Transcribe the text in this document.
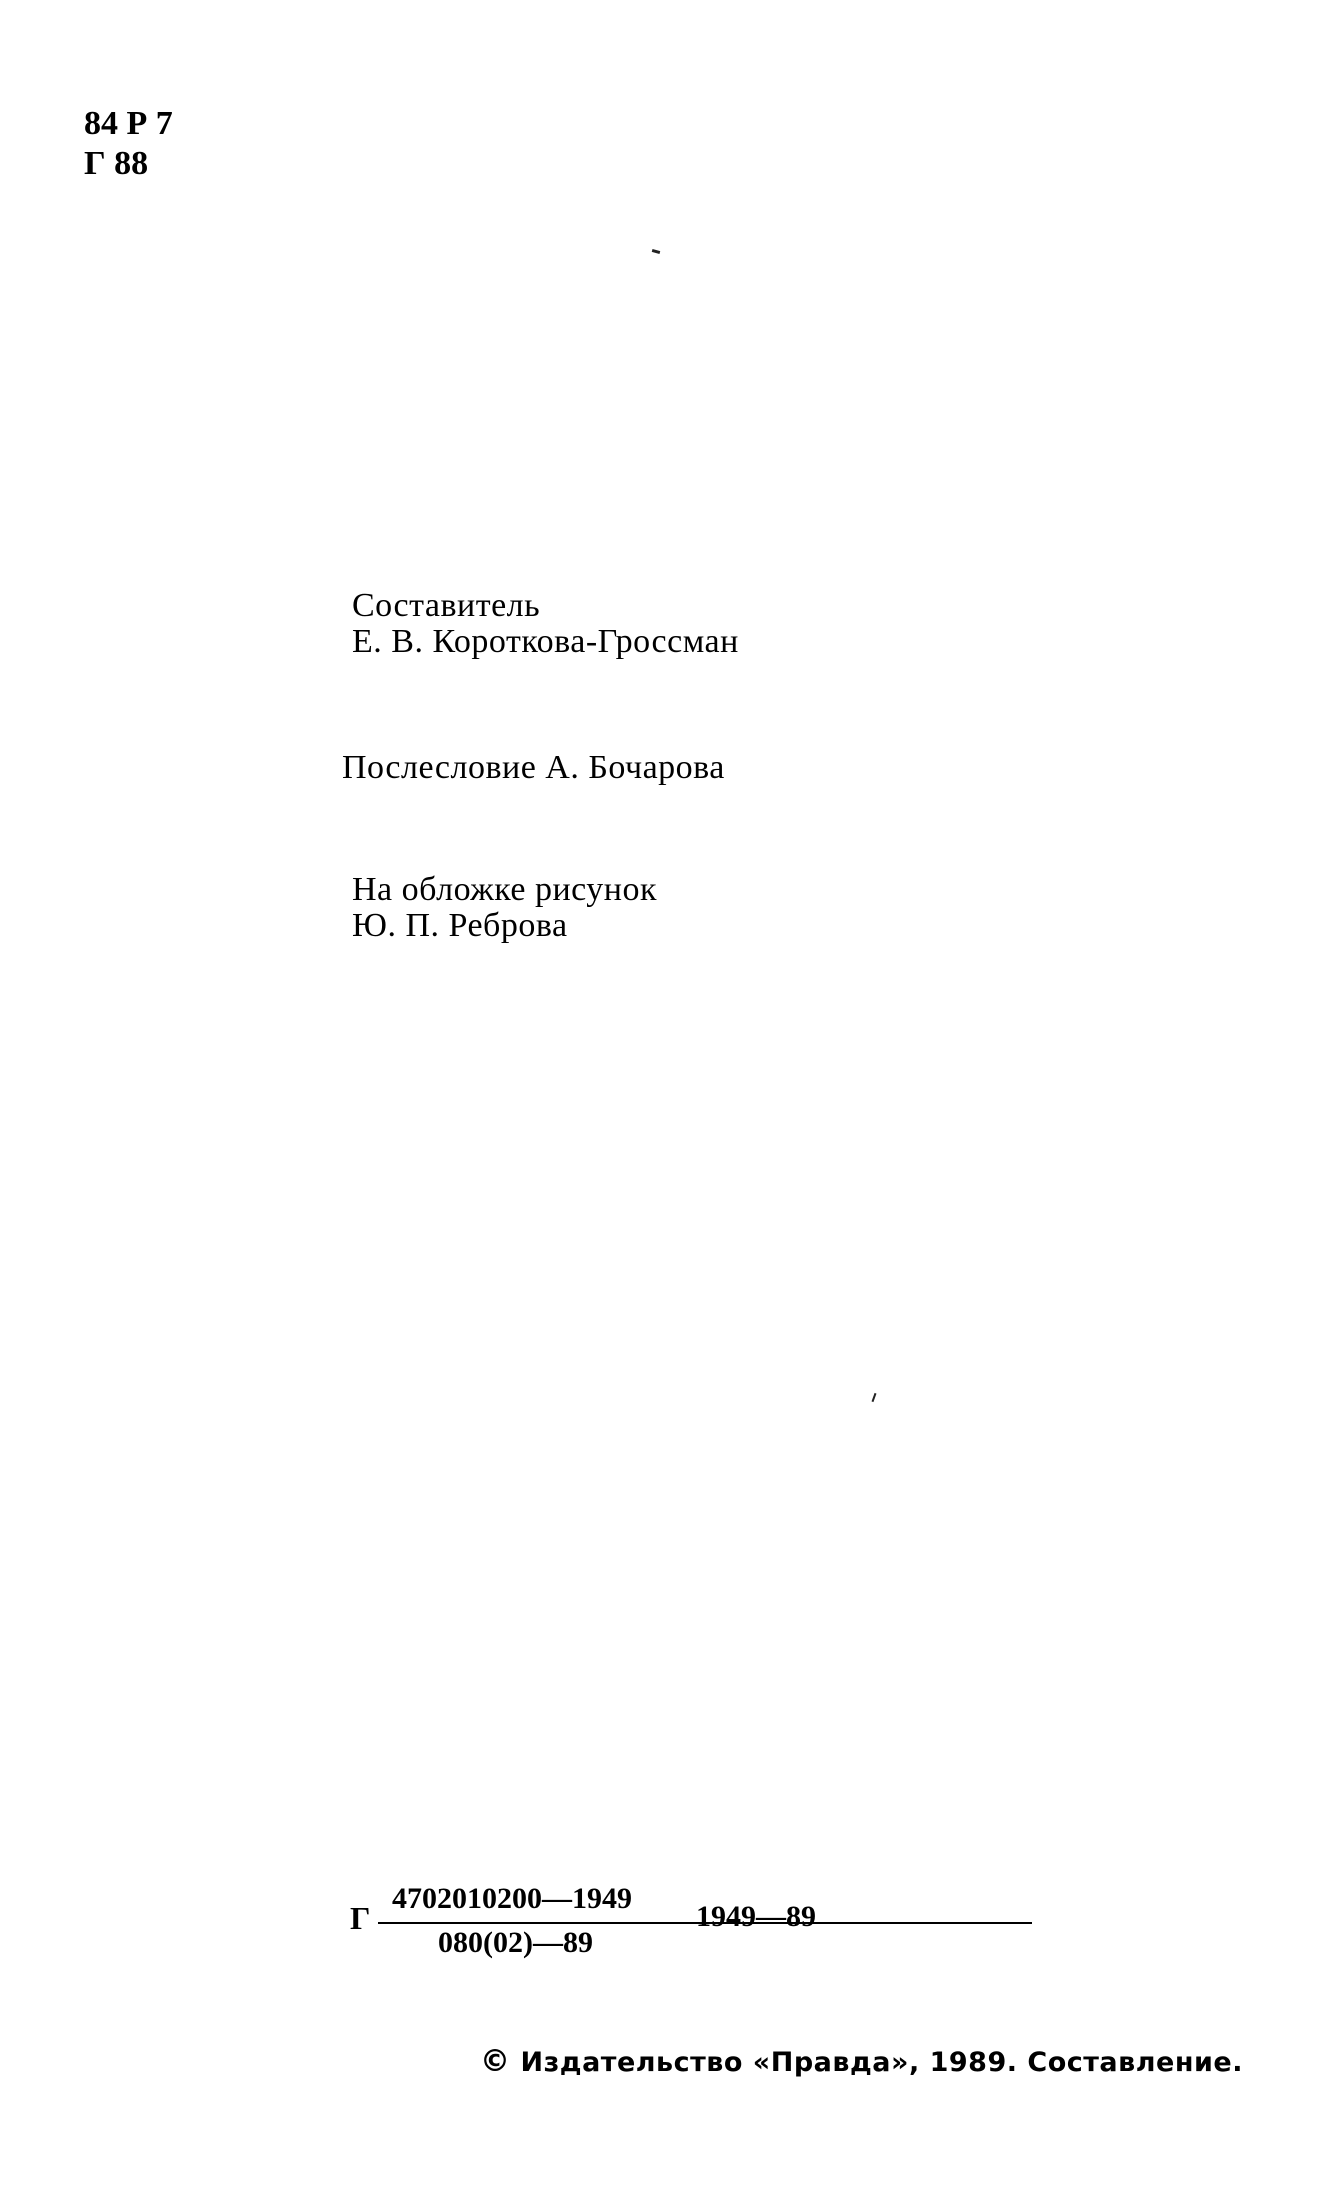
84 Р 7
Г 88
Составитель
Е. В. Короткова-Гроссман
Послесловие А. Бочарова
На обложке рисунок
Ю. П. Реброва
Г
4702010200—1949
080(02)—89
1949—89
© Издательство «Правда», 1989. Составление.
